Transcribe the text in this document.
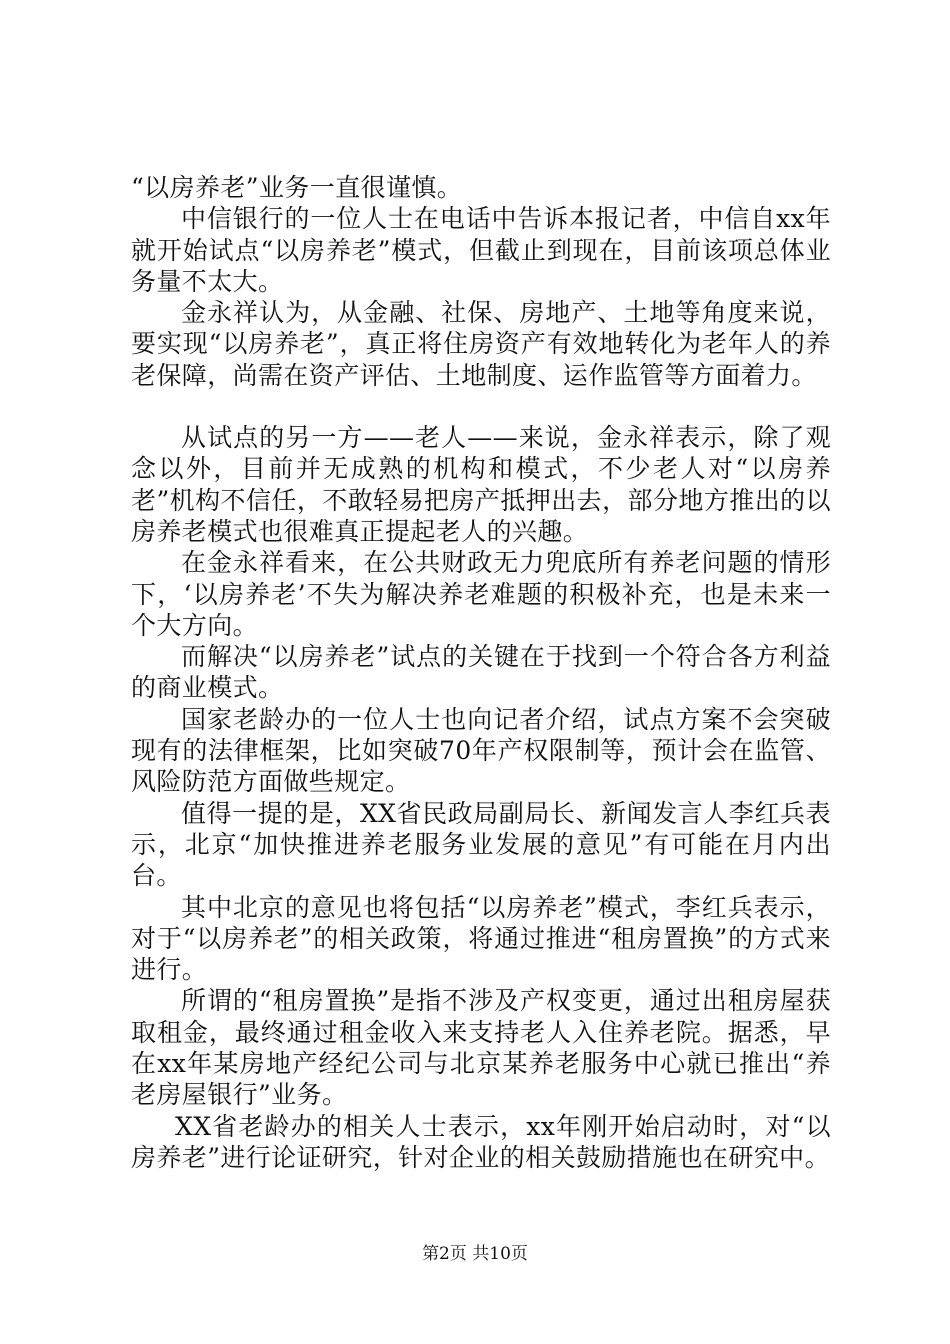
“以房养老”业务一直很谨慎。

中信银行的一位人士在电话中告诉本报记者，中信自xx年就开始试点“以房养老”模式，但截止到现在，目前该项总体业务量不太大。

金永祥认为，从金融、社保、房地产、土地等角度来说，要实现“以房养老”，真正将住房资产有效地转化为老年人的养老保障，尚需在资产评估、土地制度、运作监管等方面着力。

从试点的另一方——老人——来说，金永祥表示，除了观念以外，目前并无成熟的机构和模式，不少老人对“以房养老”机构不信任，不敢轻易把房产抵押出去，部分地方推出的以房养老模式也很难真正提起老人的兴趣。

在金永祥看来，在公共财政无力兜底所有养老问题的情形下，‘以房养老’不失为解决养老难题的积极补充，也是未来一个大方向。

而解决“以房养老”试点的关键在于找到一个符合各方利益的商业模式。

国家老龄办的一位人士也向记者介绍，试点方案不会突破现有的法律框架，比如突破70年产权限制等，预计会在监管、风险防范方面做些规定。

值得一提的是，XX省民政局副局长、新闻发言人李红兵表示，北京“加快推进养老服务业发展的意见”有可能在月内出台。

其中北京的意见也将包括“以房养老”模式，李红兵表示，对于“以房养老”的相关政策，将通过推进“租房置换”的方式来进行。

所谓的“租房置换”是指不涉及产权变更，通过出租房屋获取租金，最终通过租金收入来支持老人入住养老院。据悉，早在xx年某房地产经纪公司与北京某养老服务中心就已推出“养老房屋银行”业务。

XX省老龄办的相关人士表示，xx年刚开始启动时，对“以房养老”进行论证研究，针对企业的相关鼓励措施也在研究中。

第2页 共10页
